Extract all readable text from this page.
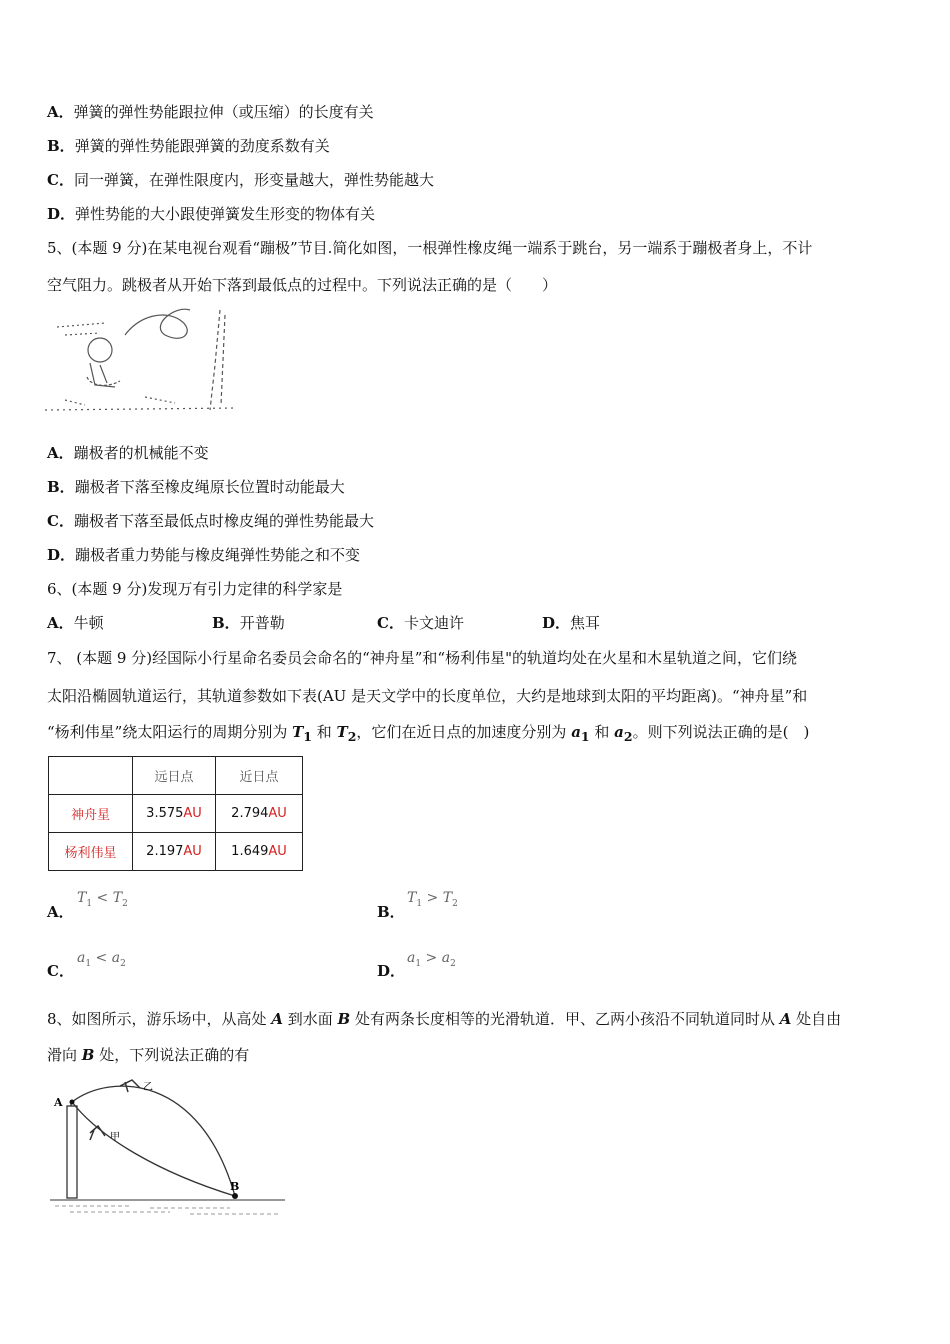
A．弹簧的弹性势能跟拉伸（或压缩）的长度有关
B．弹簧的弹性势能跟弹簧的劲度系数有关
C．同一弹簧，在弹性限度内，形变量越大，弹性势能越大
D．弹性势能的大小跟使弹簧发生形变的物体有关
5、(本题 9 分)在某电视台观看“蹦极”节目.简化如图，一根弹性橡皮绳一端系于跳台，另一端系于蹦极者身上，不计
空气阻力。跳极者从开始下落到最低点的过程中。下列说法正确的是（　　）
A．蹦极者的机械能不变
B．蹦极者下落至橡皮绳原长位置时动能最大
C．蹦极者下落至最低点时橡皮绳的弹性势能最大
D．蹦极者重力势能与橡皮绳弹性势能之和不变
6、(本题 9 分)发现万有引力定律的科学家是
A．牛顿	B．开普勒	C．卡文迪许	D．焦耳
7、 (本题 9 分)经国际小行星命名委员会命名的“神舟星”和“杨利伟星"的轨道均处在火星和木星轨道之间，它们绕
太阳沿椭圆轨道运行，其轨道参数如下表(AU 是天文学中的长度单位，大约是地球到太阳的平均距离)。“神舟星”和
“杨利伟星”绕太阳运行的周期分别为 $T_1$ 和 $T_2$，它们在近日点的加速度分别为 $a_1$ 和 $a_2$。则下列说法正确的是(　)
	远日点	近日点
神舟星	3.575AU	2.794AU
杨利伟星	2.197AU	1.649AU
A．
$T_1 < T_2$	B．
$T_1 > T_2$
C．
$a_1 < a_2$	D．
$a_1 > a_2$
8、如图所示，游乐场中，从高处 A 到水面 B 处有两条长度相等的光滑轨道．甲、乙两小孩沿不同轨道同时从 A 处自由
滑向 B 处，下列说法正确的有
A
B
乙
甲
